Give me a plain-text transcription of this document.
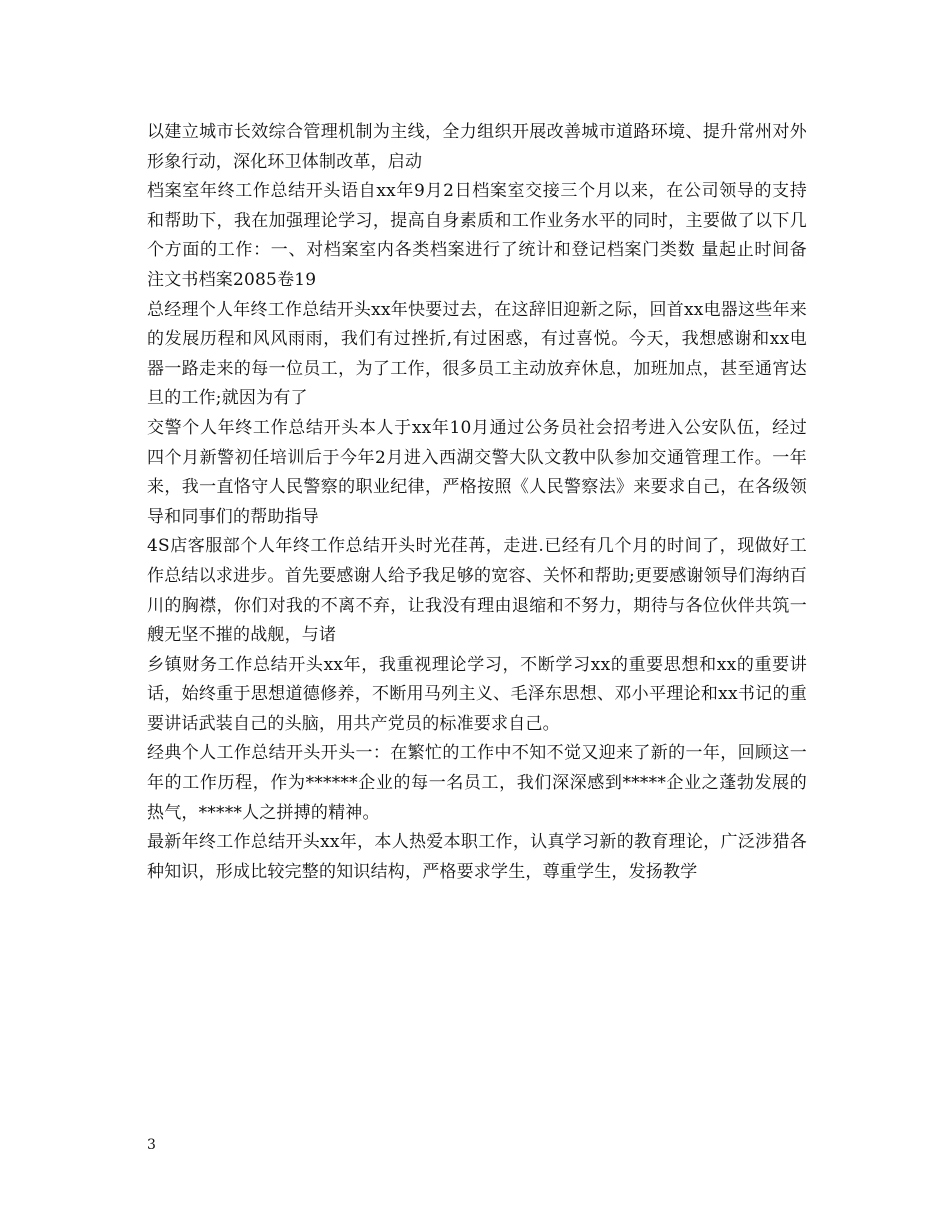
以建立城市长效综合管理机制为主线，全力组织开展改善城市道路环境、提升常州对外形象行动，深化环卫体制改革，启动

档案室年终工作总结开头语自xx年9月2日档案室交接三个月以来，在公司领导的支持和帮助下，我在加强理论学习，提高自身素质和工作业务水平的同时，主要做了以下几个方面的工作：一、对档案室内各类档案进行了统计和登记档案门类数 量起止时间备 注文书档案2085卷19

总经理个人年终工作总结开头xx年快要过去，在这辞旧迎新之际，回首xx电器这些年来的发展历程和风风雨雨，我们有过挫折,有过困惑，有过喜悦。今天，我想感谢和xx电器一路走来的每一位员工，为了工作，很多员工主动放弃休息，加班加点，甚至通宵达旦的工作;就因为有了

交警个人年终工作总结开头本人于xx年10月通过公务员社会招考进入公安队伍，经过四个月新警初任培训后于今年2月进入西湖交警大队文教中队参加交通管理工作。一年来，我一直恪守人民警察的职业纪律，严格按照《人民警察法》来要求自己，在各级领导和同事们的帮助指导

4S店客服部个人年终工作总结开头时光荏苒，走进.已经有几个月的时间了，现做好工作总结以求进步。首先要感谢人给予我足够的宽容、关怀和帮助;更要感谢领导们海纳百川的胸襟，你们对我的不离不弃，让我没有理由退缩和不努力，期待与各位伙伴共筑一艘无坚不摧的战舰，与诸

乡镇财务工作总结开头xx年，我重视理论学习，不断学习xx的重要思想和xx的重要讲话，始终重于思想道德修养，不断用马列主义、毛泽东思想、邓小平理论和xx书记的重要讲话武装自己的头脑，用共产党员的标准要求自己。

经典个人工作总结开头开头一：在繁忙的工作中不知不觉又迎来了新的一年，回顾这一年的工作历程，作为******企业的每一名员工，我们深深感到*****企业之蓬勃发展的热气，*****人之拼搏的精神。

最新年终工作总结开头xx年，本人热爱本职工作，认真学习新的教育理论，广泛涉猎各种知识，形成比较完整的知识结构，严格要求学生，尊重学生，发扬教学

3
